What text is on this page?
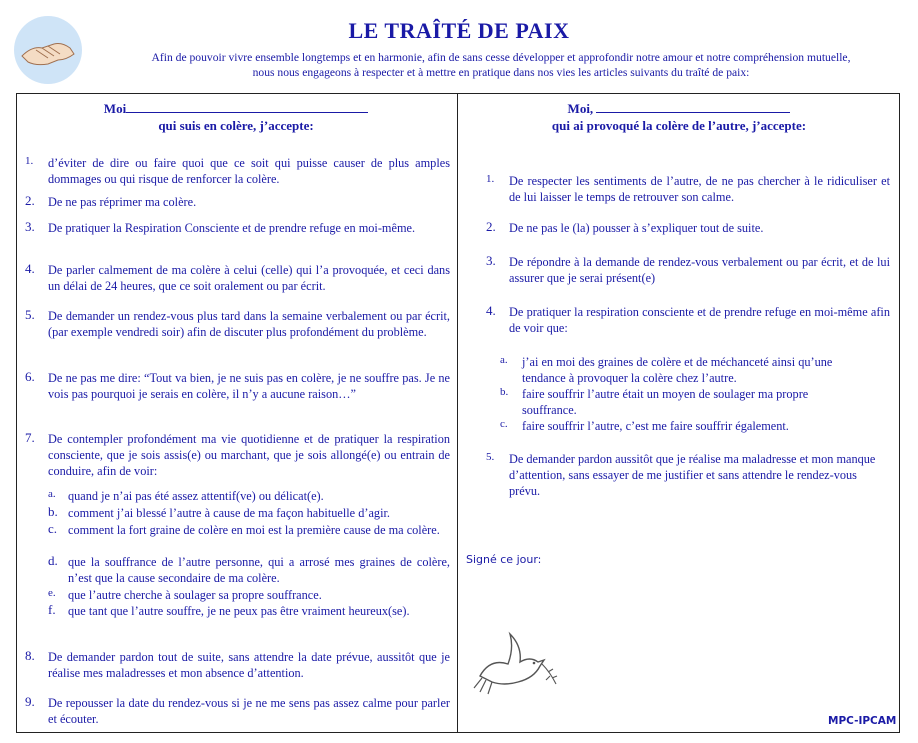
LE TRAÎTÉ DE PAIX
Afin de pouvoir vivre ensemble longtemps et en harmonie, afin de sans cesse développer et approfondir notre amour et notre compréhension mutuelle,
nous nous engageons à respecter et à mettre en pratique dans nos vies les articles suivants du traîté de paix:
Moi
qui suis en colère, j’accepte:
Moi,
qui ai provoqué la colère de l’autre, j’accepte:
1. d’éviter de dire ou faire quoi que ce soit qui puisse causer de plus amples dommages ou qui risque de renforcer la colère.
2. De ne pas réprimer ma colère.
3. De pratiquer la Respiration Consciente et de prendre refuge en moi-même.
4. De parler calmement de ma colère à celui (celle) qui l’a provoquée, et ceci dans un délai de 24 heures, que ce soit oralement ou par écrit.
5. De demander un rendez-vous plus tard dans la semaine verbalement ou par écrit, (par exemple vendredi soir) afin de discuter plus profondément du problème.
6. De ne pas me dire: “Tout va bien, je ne suis pas en colère, je ne souffre pas. Je ne vois pas pourquoi je serais en colère, il n’y a aucune raison…”
7. De contempler profondément ma vie quotidienne et de pratiquer la respiration consciente, que je sois assis(e) ou marchant, que je sois allongé(e) ou entrain de conduire, afin de voir:
a. quand je n’ai pas été assez attentif(ve) ou délicat(e).
b. comment j’ai blessé l’autre à cause de ma façon habituelle d’agir.
c. comment la fort graine de colère en moi est la première cause de ma colère.
d. que la souffrance de l’autre personne, qui a arrosé mes graines de colère, n’est que la cause secondaire de ma colère.
e. que l’autre cherche à soulager sa propre souffrance.
f. que tant que l’autre souffre, je ne peux pas être vraiment heureux(se).
8. De demander pardon tout de suite, sans attendre la date prévue, aussitôt que je réalise mes maladresses et mon absence d’attention.
9. De repousser la date du rendez-vous si je ne me sens pas assez calme pour parler et écouter.
1. De respecter les sentiments de l’autre, de ne pas chercher à le ridiculiser et de lui laisser le temps de retrouver son calme.
2. De ne pas le (la) pousser à s’expliquer tout de suite.
3. De répondre à la demande de rendez-vous verbalement ou par écrit, et de lui assurer que je serai présent(e)
4. De pratiquer la respiration consciente et de prendre refuge en moi-même afin de voir que:
a. j’ai en moi des graines de colère et de méchanceté ainsi qu’une tendance à provoquer la colère chez l’autre.
b. faire souffrir l’autre était un moyen de soulager ma propre souffrance.
c. faire souffrir l’autre, c’est me faire souffrir également.
5. De demander pardon aussitôt que je réalise ma maladresse et mon manque d’attention, sans essayer de me justifier et sans attendre le rendez-vous prévu.
Signé ce jour:
MPC-IPCAM
